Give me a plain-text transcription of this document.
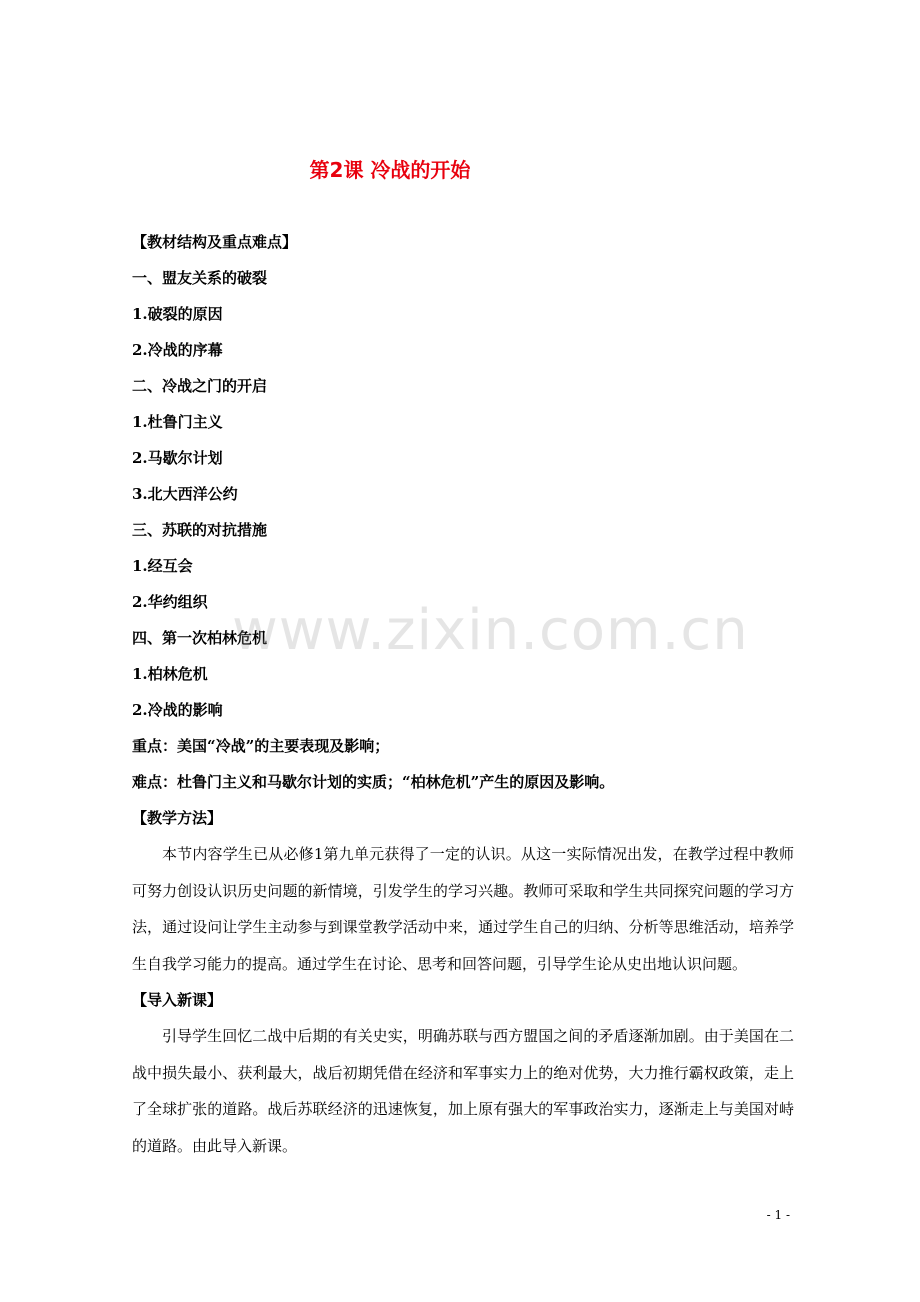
第2课 冷战的开始
【教材结构及重点难点】
一、盟友关系的破裂
1.破裂的原因
2.冷战的序幕
二、冷战之门的开启
1.杜鲁门主义
2.马歇尔计划
3.北大西洋公约
三、苏联的对抗措施
1.经互会
2.华约组织
四、第一次柏林危机
1.柏林危机
2.冷战的影响
重点：美国“冷战”的主要表现及影响；
难点：杜鲁门主义和马歇尔计划的实质；“柏林危机”产生的原因及影响。
【教学方法】

本节内容学生已从必修1第九单元获得了一定的认识。从这一实际情况出发，在教学过程中教师可努力创设认识历史问题的新情境，引发学生的学习兴趣。教师可采取和学生共同探究问题的学习方法，通过设问让学生主动参与到课堂教学活动中来，通过学生自己的归纳、分析等思维活动，培养学生自我学习能力的提高。通过学生在讨论、思考和回答问题，引导学生论从史出地认识问题。

【导入新课】

引导学生回忆二战中后期的有关史实，明确苏联与西方盟国之间的矛盾逐渐加剧。由于美国在二战中损失最小、获利最大，战后初期凭借在经济和军事实力上的绝对优势，大力推行霸权政策，走上了全球扩张的道路。战后苏联经济的迅速恢复，加上原有强大的军事政治实力，逐渐走上与美国对峙的道路。由此导入新课。

www.zixin.com.cn
- 1 -
